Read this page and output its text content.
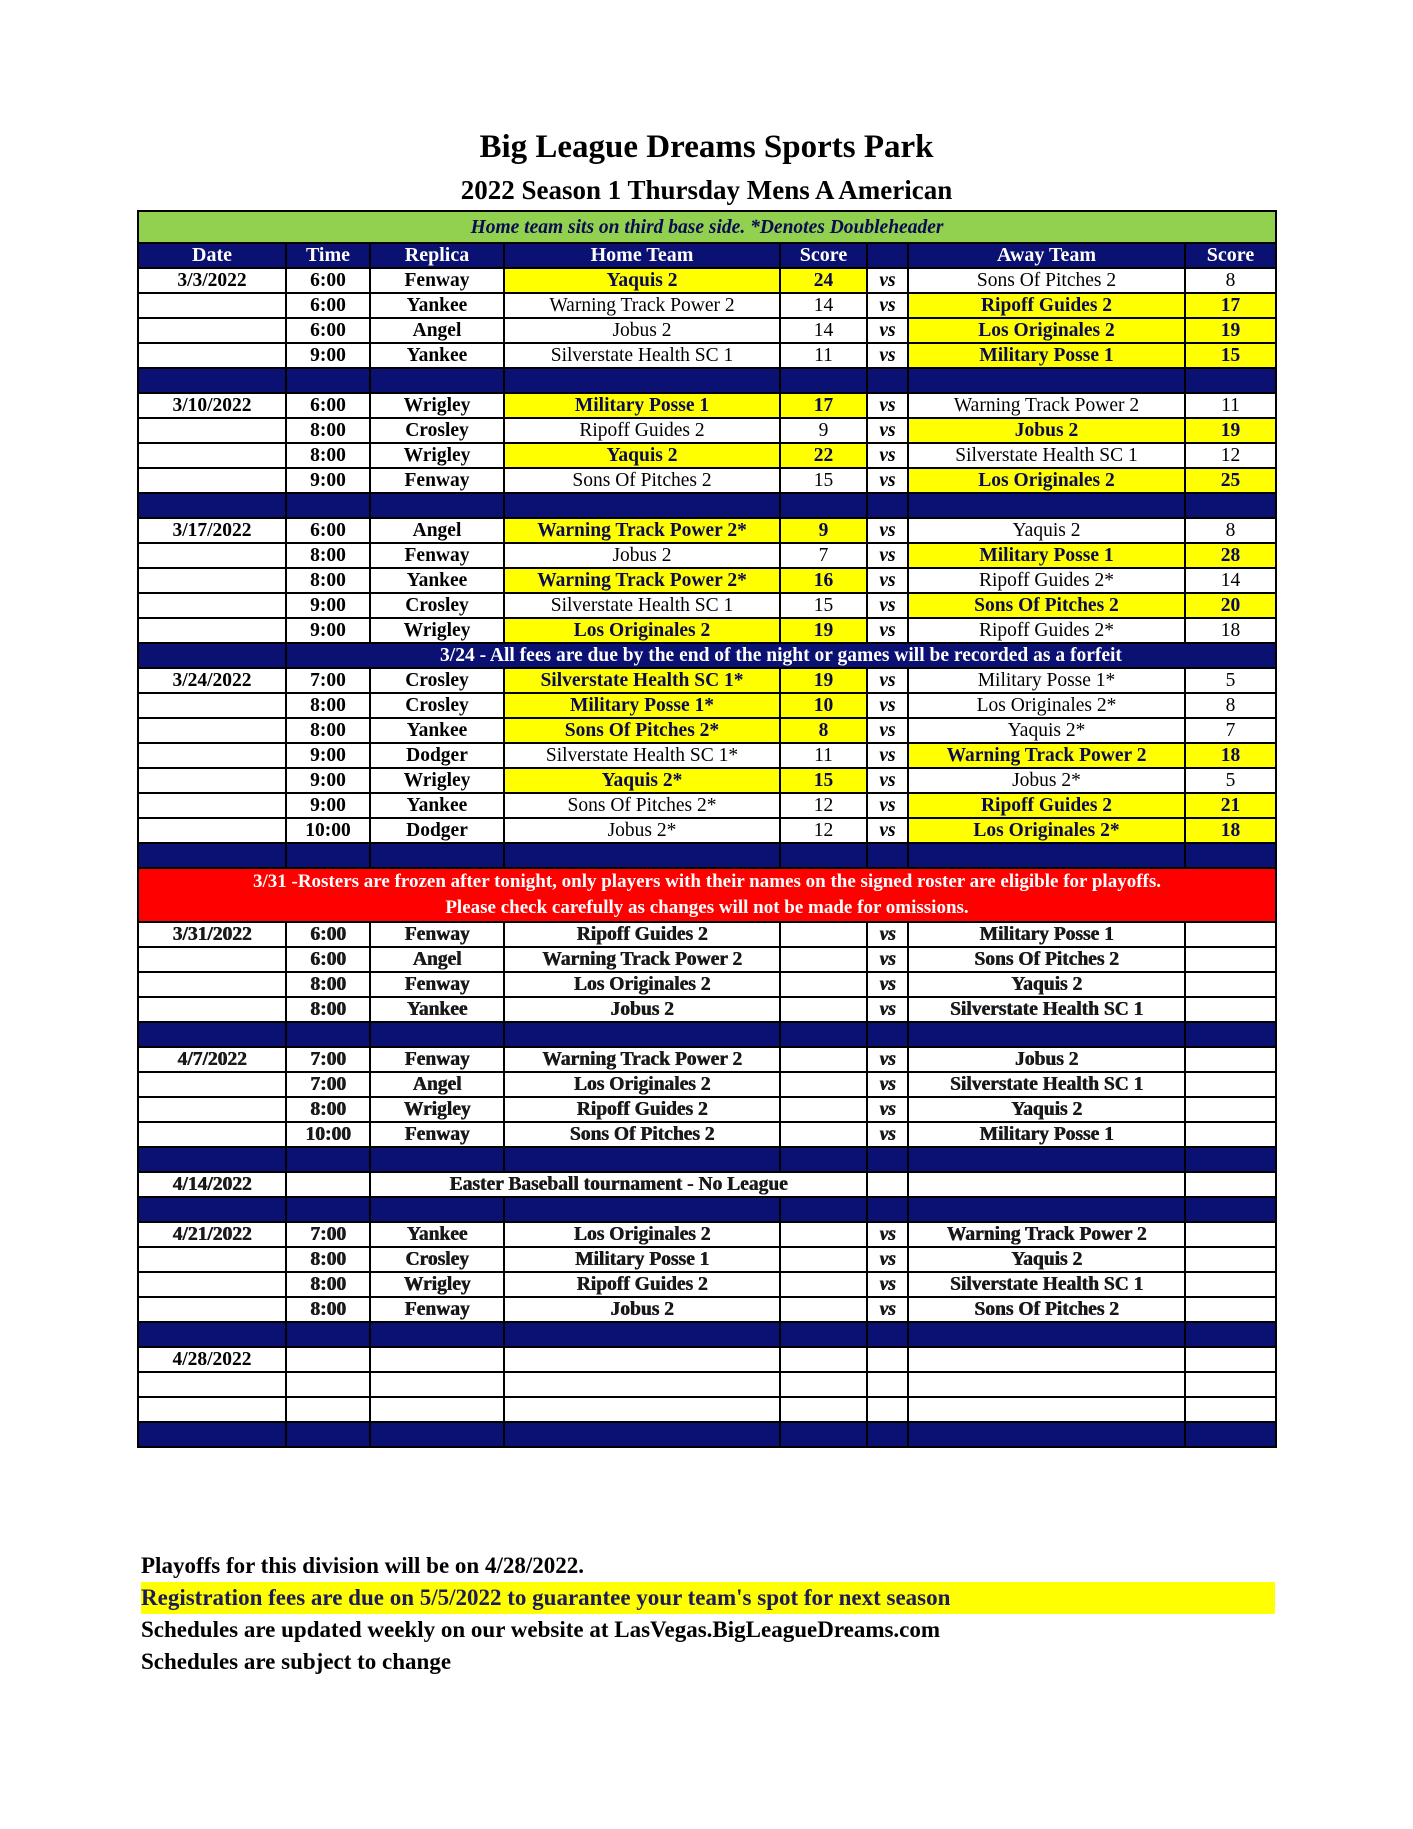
Big League Dreams Sports Park
2022 Season 1 Thursday Mens A American
Home team sits on third base side. *Denotes Doubleheader							
Date	Time	Replica	Home Team	Score		Away Team	Score
3/3/2022	6:00	Fenway	Yaquis 2	24	vs	Sons Of Pitches 2	8
	6:00	Yankee	Warning Track Power 2	14	vs	Ripoff Guides 2	17
	6:00	Angel	Jobus 2	14	vs	Los Originales 2	19
	9:00	Yankee	Silverstate Health SC 1	11	vs	Military Posse 1	15

3/10/2022	6:00	Wrigley	Military Posse 1	17	vs	Warning Track Power 2	11
	8:00	Crosley	Ripoff Guides 2	9	vs	Jobus 2	19
	8:00	Wrigley	Yaquis 2	22	vs	Silverstate Health SC 1	12
	9:00	Fenway	Sons Of Pitches 2	15	vs	Los Originales 2	25

3/17/2022	6:00	Angel	Warning Track Power 2*	9	vs	Yaquis 2	8
	8:00	Fenway	Jobus 2	7	vs	Military Posse 1	28
	8:00	Yankee	Warning Track Power 2*	16	vs	Ripoff Guides 2*	14
	9:00	Crosley	Silverstate Health SC 1	15	vs	Sons Of Pitches 2	20
	9:00	Wrigley	Los Originales 2	19	vs	Ripoff Guides 2*	18
	3/24 - All fees are due by the end of the night or games will be recorded as a forfeit						
3/24/2022	7:00	Crosley	Silverstate Health SC 1*	19	vs	Military Posse 1*	5
	8:00	Crosley	Military Posse 1*	10	vs	Los Originales 2*	8
	8:00	Yankee	Sons Of Pitches 2*	8	vs	Yaquis 2*	7
	9:00	Dodger	Silverstate Health SC 1*	11	vs	Warning Track Power 2	18
	9:00	Wrigley	Yaquis 2*	15	vs	Jobus 2*	5
	9:00	Yankee	Sons Of Pitches 2*	12	vs	Ripoff Guides 2	21
	10:00	Dodger	Jobus 2*	12	vs	Los Originales 2*	18

3/31 -Rosters are frozen after tonight, only players with their names on the signed roster are eligible for playoffs.
Please check carefully as changes will not be made for omissions.							

3/31/2022	6:00	Fenway	Ripoff Guides 2		vs	Military Posse 1	
	6:00	Angel	Warning Track Power 2		vs	Sons Of Pitches 2	
	8:00	Fenway	Los Originales 2		vs	Yaquis 2	
	8:00	Yankee	Jobus 2		vs	Silverstate Health SC 1	

4/7/2022	7:00	Fenway	Warning Track Power 2		vs	Jobus 2	
	7:00	Angel	Los Originales 2		vs	Silverstate Health SC 1	
	8:00	Wrigley	Ripoff Guides 2		vs	Yaquis 2	
	10:00	Fenway	Sons Of Pitches 2		vs	Military Posse 1	

4/14/2022		Easter Baseball tournament - No League					

4/21/2022	7:00	Yankee	Los Originales 2		vs	Warning Track Power 2	
	8:00	Crosley	Military Posse 1		vs	Yaquis 2	
	8:00	Wrigley	Ripoff Guides 2		vs	Silverstate Health SC 1	
	8:00	Fenway	Jobus 2		vs	Sons Of Pitches 2	

4/28/2022							

Playoffs for this division will be on 4/28/2022.
Registration fees are due on 5/5/2022 to guarantee your team's spot for next season
Schedules are updated weekly on our website at LasVegas.BigLeagueDreams.com
Schedules are subject to change
